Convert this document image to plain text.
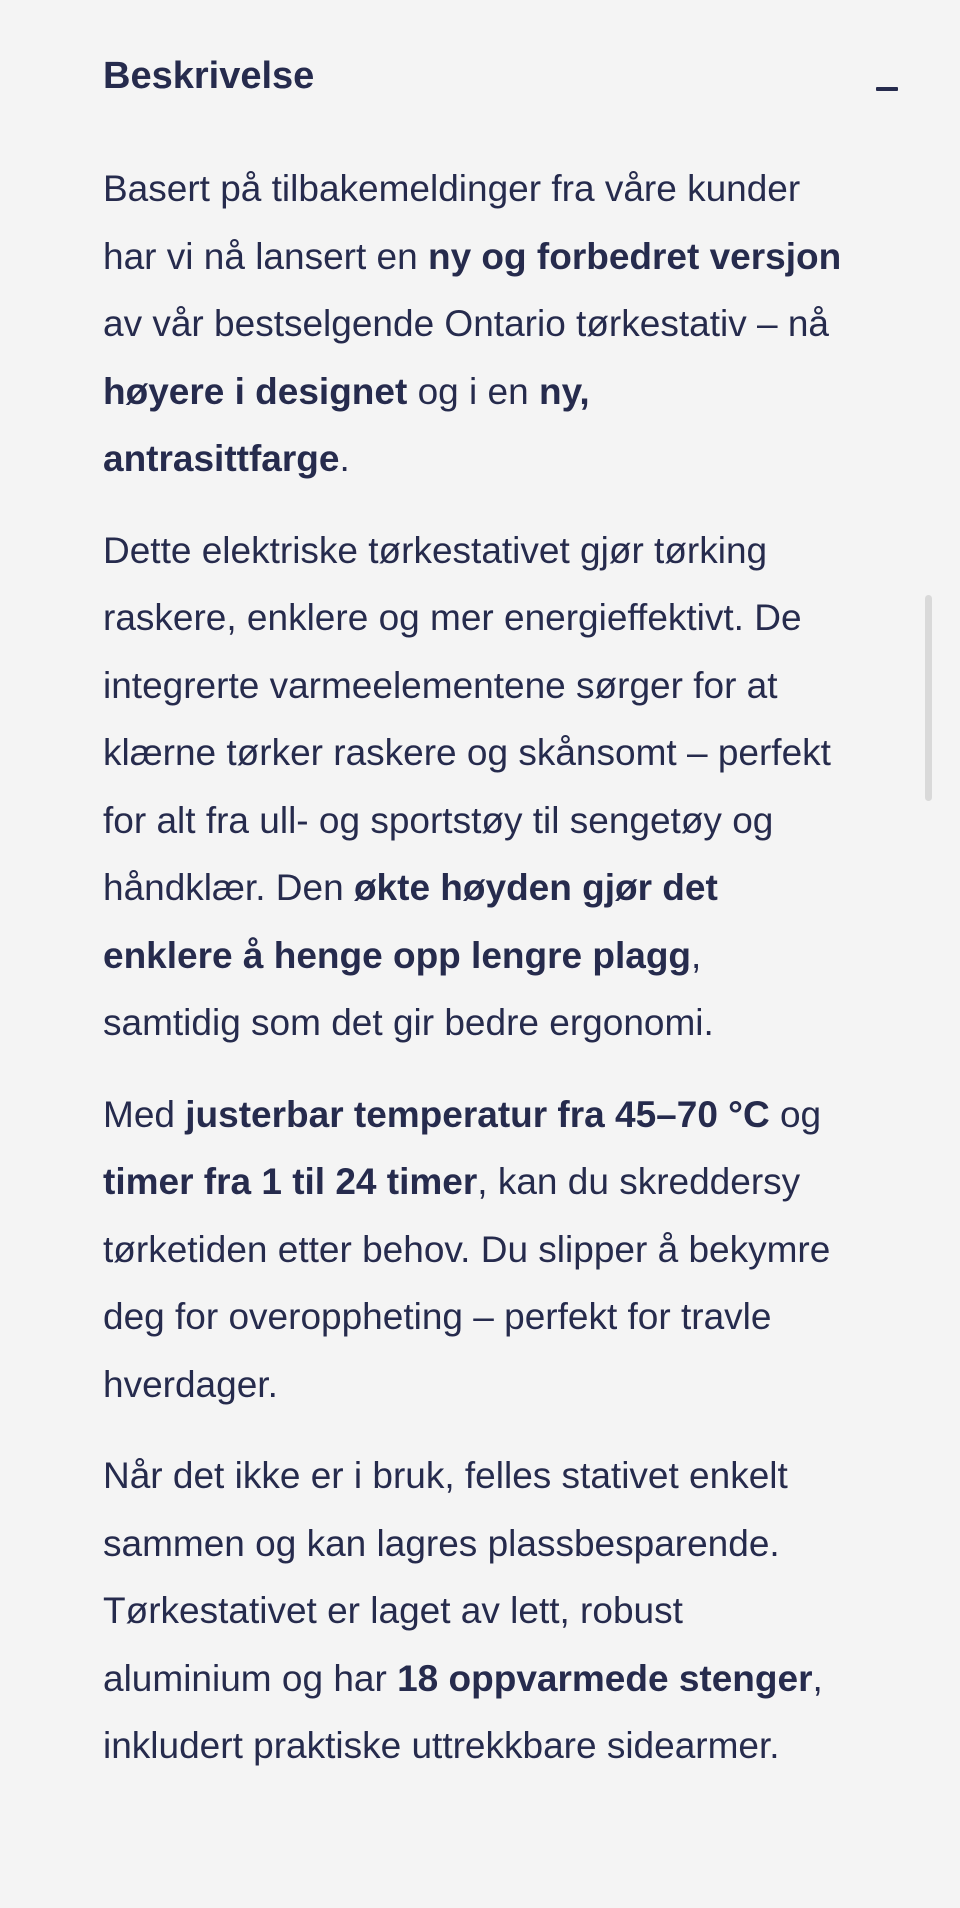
Beskrivelse

Basert på tilbakemeldinger fra våre kunder har vi nå lansert en ny og forbedret versjon av vår bestselgende Ontario tørkestativ – nå høyere i designet og i en ny, antrasittfarge.

Dette elektriske tørkestativet gjør tørking raskere, enklere og mer energieffektivt. De integrerte varmeelementene sørger for at klærne tørker raskere og skånsomt – perfekt for alt fra ull- og sportstøy til sengetøy og håndklær. Den økte høyden gjør det enklere å henge opp lengre plagg, samtidig som det gir bedre ergonomi.

Med justerbar temperatur fra 45–70 °C og timer fra 1 til 24 timer, kan du skreddersy tørketiden etter behov. Du slipper å bekymre deg for overoppheting – perfekt for travle hverdager.

Når det ikke er i bruk, felles stativet enkelt sammen og kan lagres plassbesparende. Tørkestativet er laget av lett, robust aluminium og har 18 oppvarmede stenger, inkludert praktiske uttrekkbare sidearmer.
